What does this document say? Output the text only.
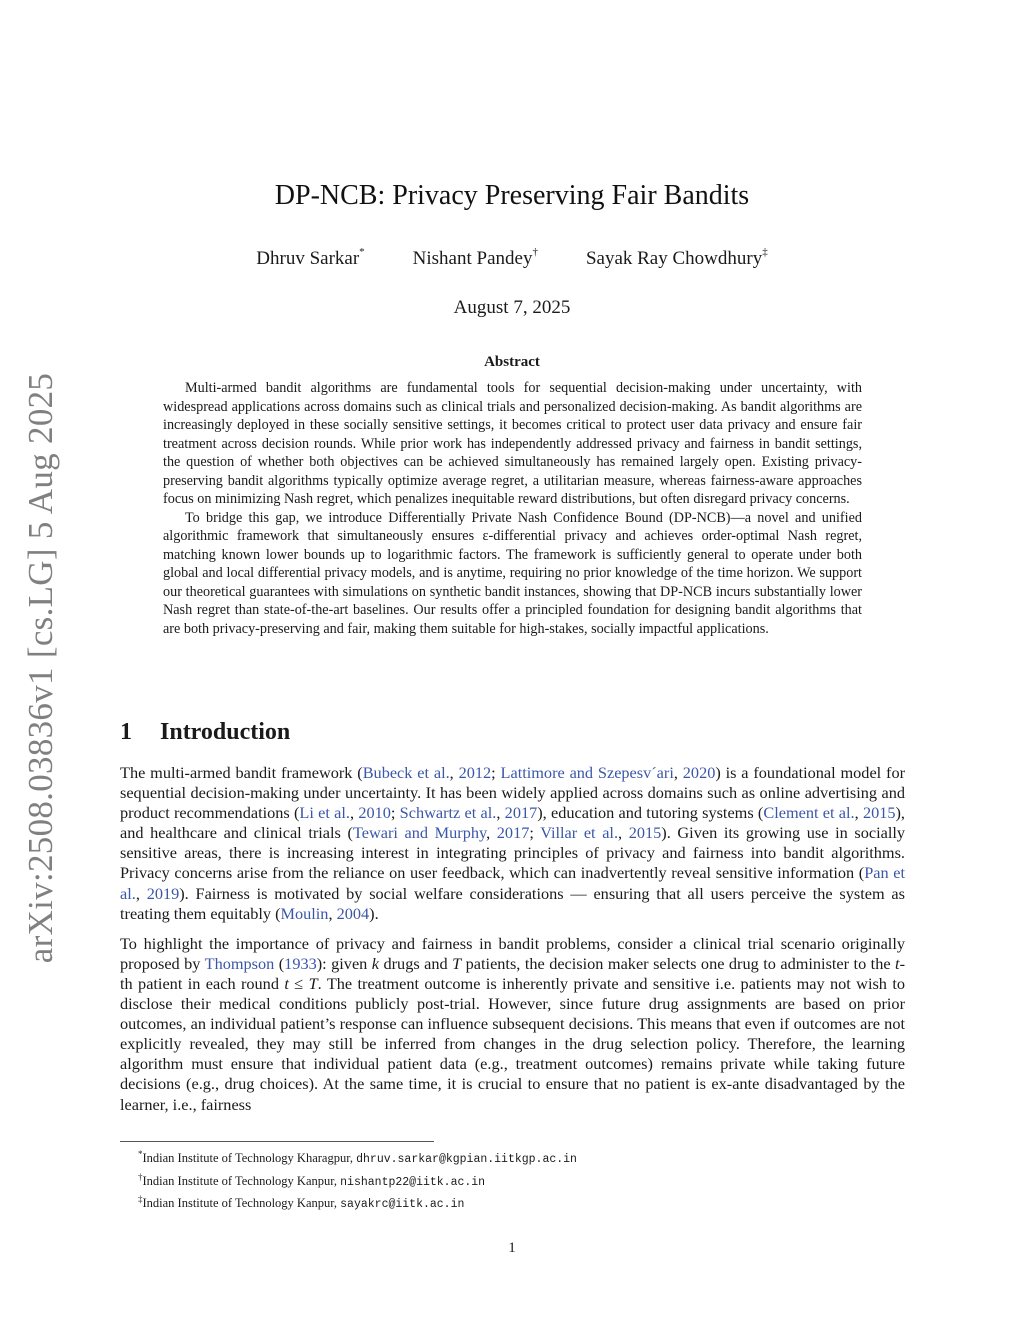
arXiv:2508.03836v1 [cs.LG] 5 Aug 2025
DP-NCB: Privacy Preserving Fair Bandits
Dhruv Sarkar*	Nishant Pandey†	Sayak Ray Chowdhury‡
August 7, 2025
Abstract

Multi-armed bandit algorithms are fundamental tools for sequential decision-making under uncertainty, with widespread applications across domains such as clinical trials and personalized decision-making. As bandit algorithms are increasingly deployed in these socially sensitive settings, it becomes critical to protect user data privacy and ensure fair treatment across decision rounds. While prior work has independently addressed privacy and fairness in bandit settings, the question of whether both objectives can be achieved simultaneously has remained largely open. Existing privacy-preserving bandit algorithms typically optimize average regret, a utilitarian measure, whereas fairness-aware approaches focus on minimizing Nash regret, which penalizes inequitable reward distributions, but often disregard privacy concerns.

To bridge this gap, we introduce Differentially Private Nash Confidence Bound (DP-NCB)—a novel and unified algorithmic framework that simultaneously ensures ε-differential privacy and achieves order-optimal Nash regret, matching known lower bounds up to logarithmic factors. The framework is sufficiently general to operate under both global and local differential privacy models, and is anytime, requiring no prior knowledge of the time horizon. We support our theoretical guarantees with simulations on synthetic bandit instances, showing that DP-NCB incurs substantially lower Nash regret than state-of-the-art baselines. Our results offer a principled foundation for designing bandit algorithms that are both privacy-preserving and fair, making them suitable for high-stakes, socially impactful applications.

1 Introduction

The multi-armed bandit framework (Bubeck et al., 2012; Lattimore and Szepesv´ari, 2020) is a foundational model for sequential decision-making under uncertainty. It has been widely applied across domains such as online advertising and product recommendations (Li et al., 2010; Schwartz et al., 2017), education and tutoring systems (Clement et al., 2015), and healthcare and clinical trials (Tewari and Murphy, 2017; Villar et al., 2015). Given its growing use in socially sensitive areas, there is increasing interest in integrating principles of privacy and fairness into bandit algorithms. Privacy concerns arise from the reliance on user feedback, which can inadvertently reveal sensitive information (Pan et al., 2019). Fairness is motivated by social welfare considerations — ensuring that all users perceive the system as treating them equitably (Moulin, 2004).

To highlight the importance of privacy and fairness in bandit problems, consider a clinical trial scenario originally proposed by Thompson (1933): given k drugs and T patients, the decision maker selects one drug to administer to the t-th patient in each round t ≤ T. The treatment outcome is inherently private and sensitive i.e. patients may not wish to disclose their medical conditions publicly post-trial. However, since future drug assignments are based on prior outcomes, an individual patient’s response can influence subsequent decisions. This means that even if outcomes are not explicitly revealed, they may still be inferred from changes in the drug selection policy. Therefore, the learning algorithm must ensure that individual patient data (e.g., treatment outcomes) remains private while taking future decisions (e.g., drug choices). At the same time, it is crucial to ensure that no patient is ex-ante disadvantaged by the learner, i.e., fairness

*Indian Institute of Technology Kharagpur, dhruv.sarkar@kgpian.iitkgp.ac.in
†Indian Institute of Technology Kanpur, nishantp22@iitk.ac.in
‡Indian Institute of Technology Kanpur, sayakrc@iitk.ac.in
1
